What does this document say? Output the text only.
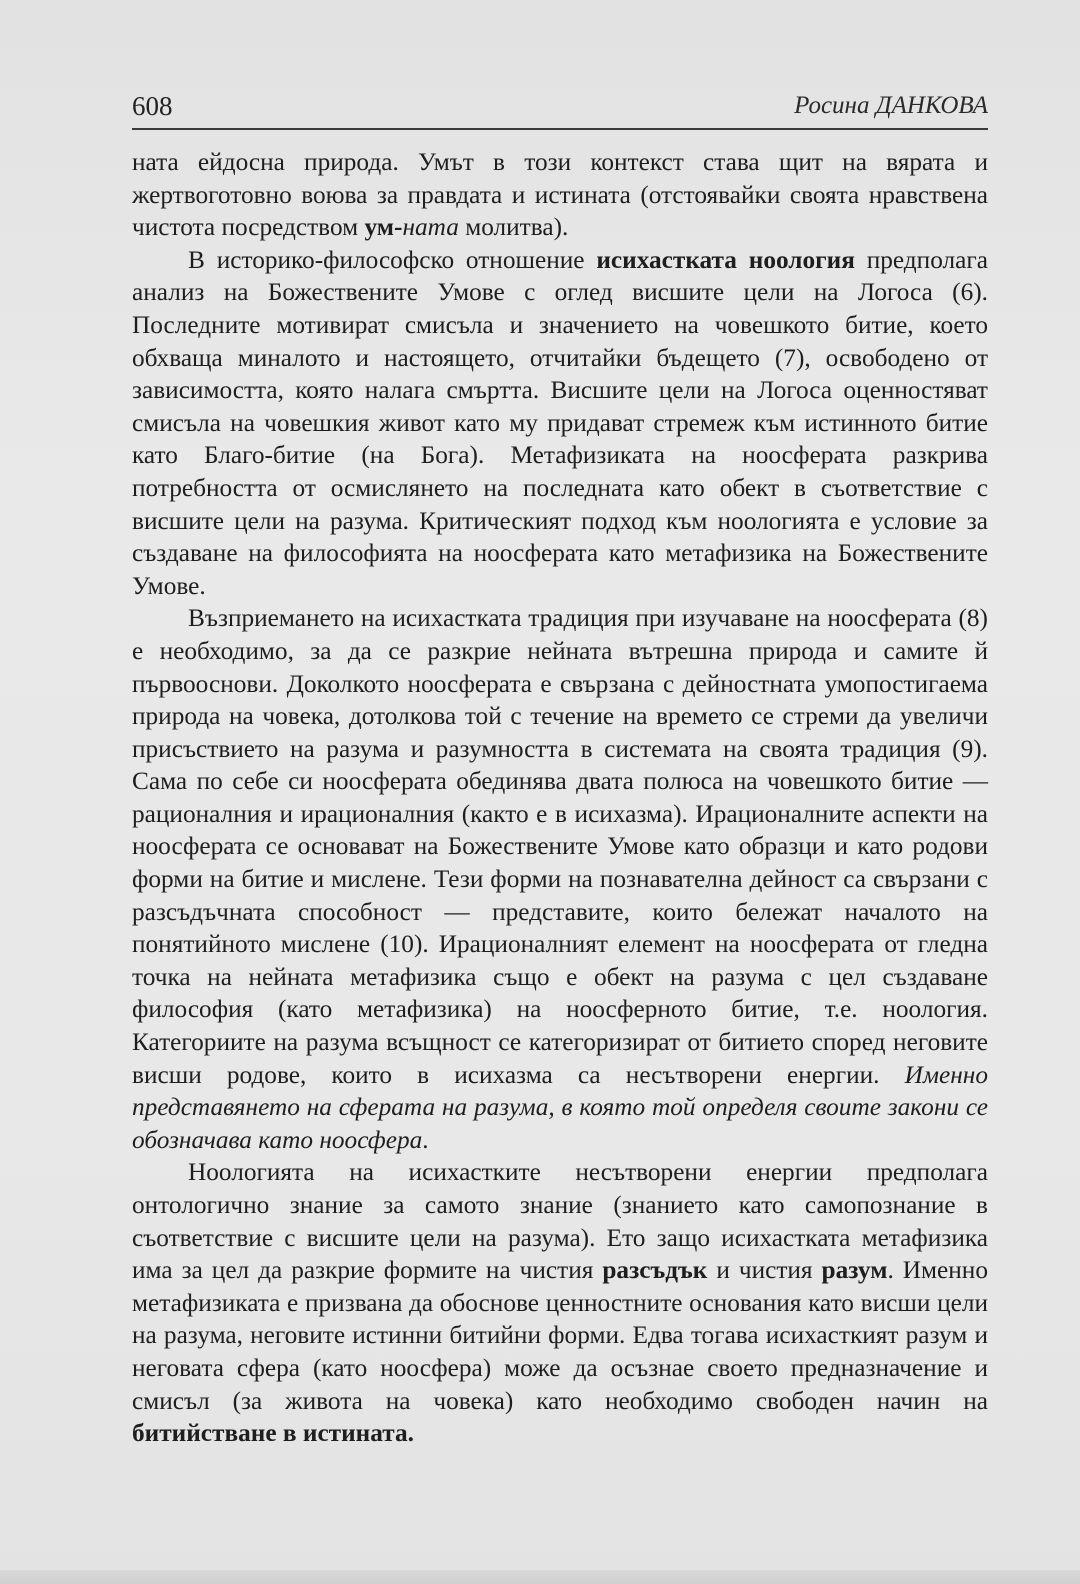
608	Росина ДАНКОВА

ната ейдосна природа. Умът в този контекст става щит на вярата и жертвоготовно воюва за правдата и истината (отстоявайки своята нравствена чистота посредством ум-ната молитва).

В историко-философско отношение исихастката ноология предполага анализ на Божествените Умове с оглед висшите цели на Логоса (6). Последните мотивират смисъла и значението на човешкото битие, което обхваща миналото и настоящето, отчитайки бъдещето (7), освободено от зависимостта, която налага смъртта. Висшите цели на Логоса оценностяват смисъла на човешкия живот като му придават стремеж към истинното битие като Благо-битие (на Бога). Метафизиката на ноосферата разкрива потребността от осмислянето на последната като обект в съответствие с висшите цели на разума. Критическият подход към ноологията е условие за създаване на философията на ноосферата като метафизика на Божествените Умове.

Възприемането на исихастката традиция при изучаване на ноосферата (8) е необходимо, за да се разкрие нейната вътрешна природа и самите й първооснови. Доколкото ноосферата е свързана с дейностната умопостигаема природа на човека, дотолкова той с течение на времето се стреми да увеличи присъствието на разума и разумността в системата на своята традиция (9). Сама по себе си ноосферата обединява двата полюса на човешкото битие — рационалния и ирационалния (както е в исихазма). Ирационалните аспекти на ноосферата се основават на Божествените Умове като образци и като родови форми на битие и мислене. Тези форми на познавателна дейност са свързани с разсъдъчната способност — представите, които бележат началото на понятийното мислене (10). Ирационалният елемент на ноосферата от гледна точка на нейната метафизика също е обект на разума с цел създаване философия (като метафизика) на ноосферното битие, т.е. ноология. Категориите на разума всъщност се категоризират от битието според неговите висши родове, които в исихазма са несътворени енергии. Именно представянето на сферата на разума, в която той определя своите закони се обозначава като ноосфера.

Ноологията на исихастките несътворени енергии предполага онтологично знание за самото знание (знанието като самопознание в съответствие с висшите цели на разума). Ето защо исихастката метафизика има за цел да разкрие формите на чистия разсъдък и чистия разум. Именно метафизиката е призвана да обоснове ценностните основания като висши цели на разума, неговите истинни битийни форми. Едва тогава исихасткият разум и неговата сфера (като ноосфера) може да осъзнае своето предназначение и смисъл (за живота на човека) като необходимо свободен начин на битийстване в истината.
